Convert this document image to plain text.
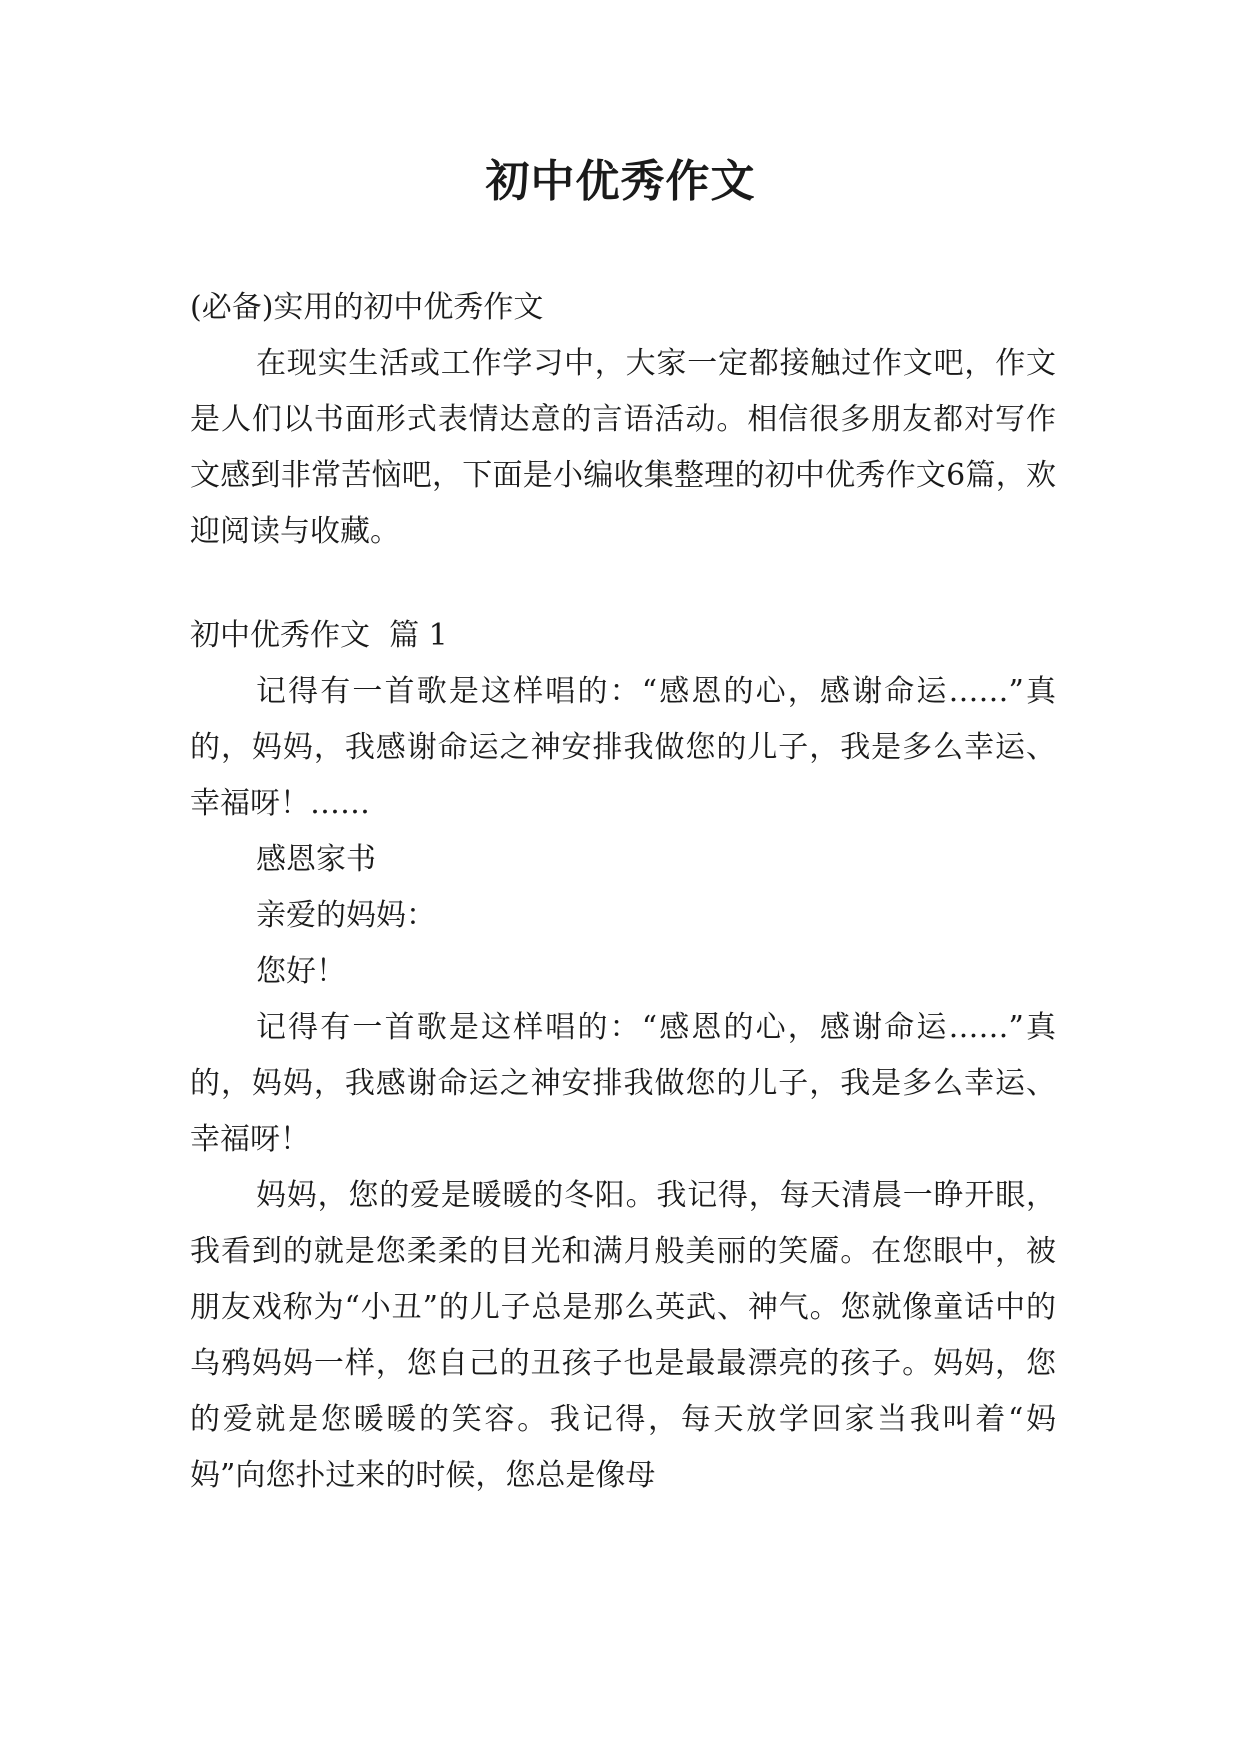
初中优秀作文

(必备)实用的初中优秀作文

在现实生活或工作学习中，大家一定都接触过作文吧，作文是人们以书面形式表情达意的言语活动。相信很多朋友都对写作文感到非常苦恼吧，下面是小编收集整理的初中优秀作文6篇，欢迎阅读与收藏。

初中优秀作文  篇 1

记得有一首歌是这样唱的：“感恩的心，感谢命运……”真的，妈妈，我感谢命运之神安排我做您的儿子，我是多么幸运、幸福呀！……

感恩家书

亲爱的妈妈：

您好！

记得有一首歌是这样唱的：“感恩的心，感谢命运……”真的，妈妈，我感谢命运之神安排我做您的儿子，我是多么幸运、幸福呀！

妈妈，您的爱是暖暖的冬阳。我记得，每天清晨一睁开眼，我看到的就是您柔柔的目光和满月般美丽的笑靥。在您眼中，被朋友戏称为“小丑”的儿子总是那么英武、神气。您就像童话中的乌鸦妈妈一样，您自己的丑孩子也是最最漂亮的孩子。妈妈，您的爱就是您暖暖的笑容。我记得，每天放学回家当我叫着“妈妈”向您扑过来的时候，您总是像母
